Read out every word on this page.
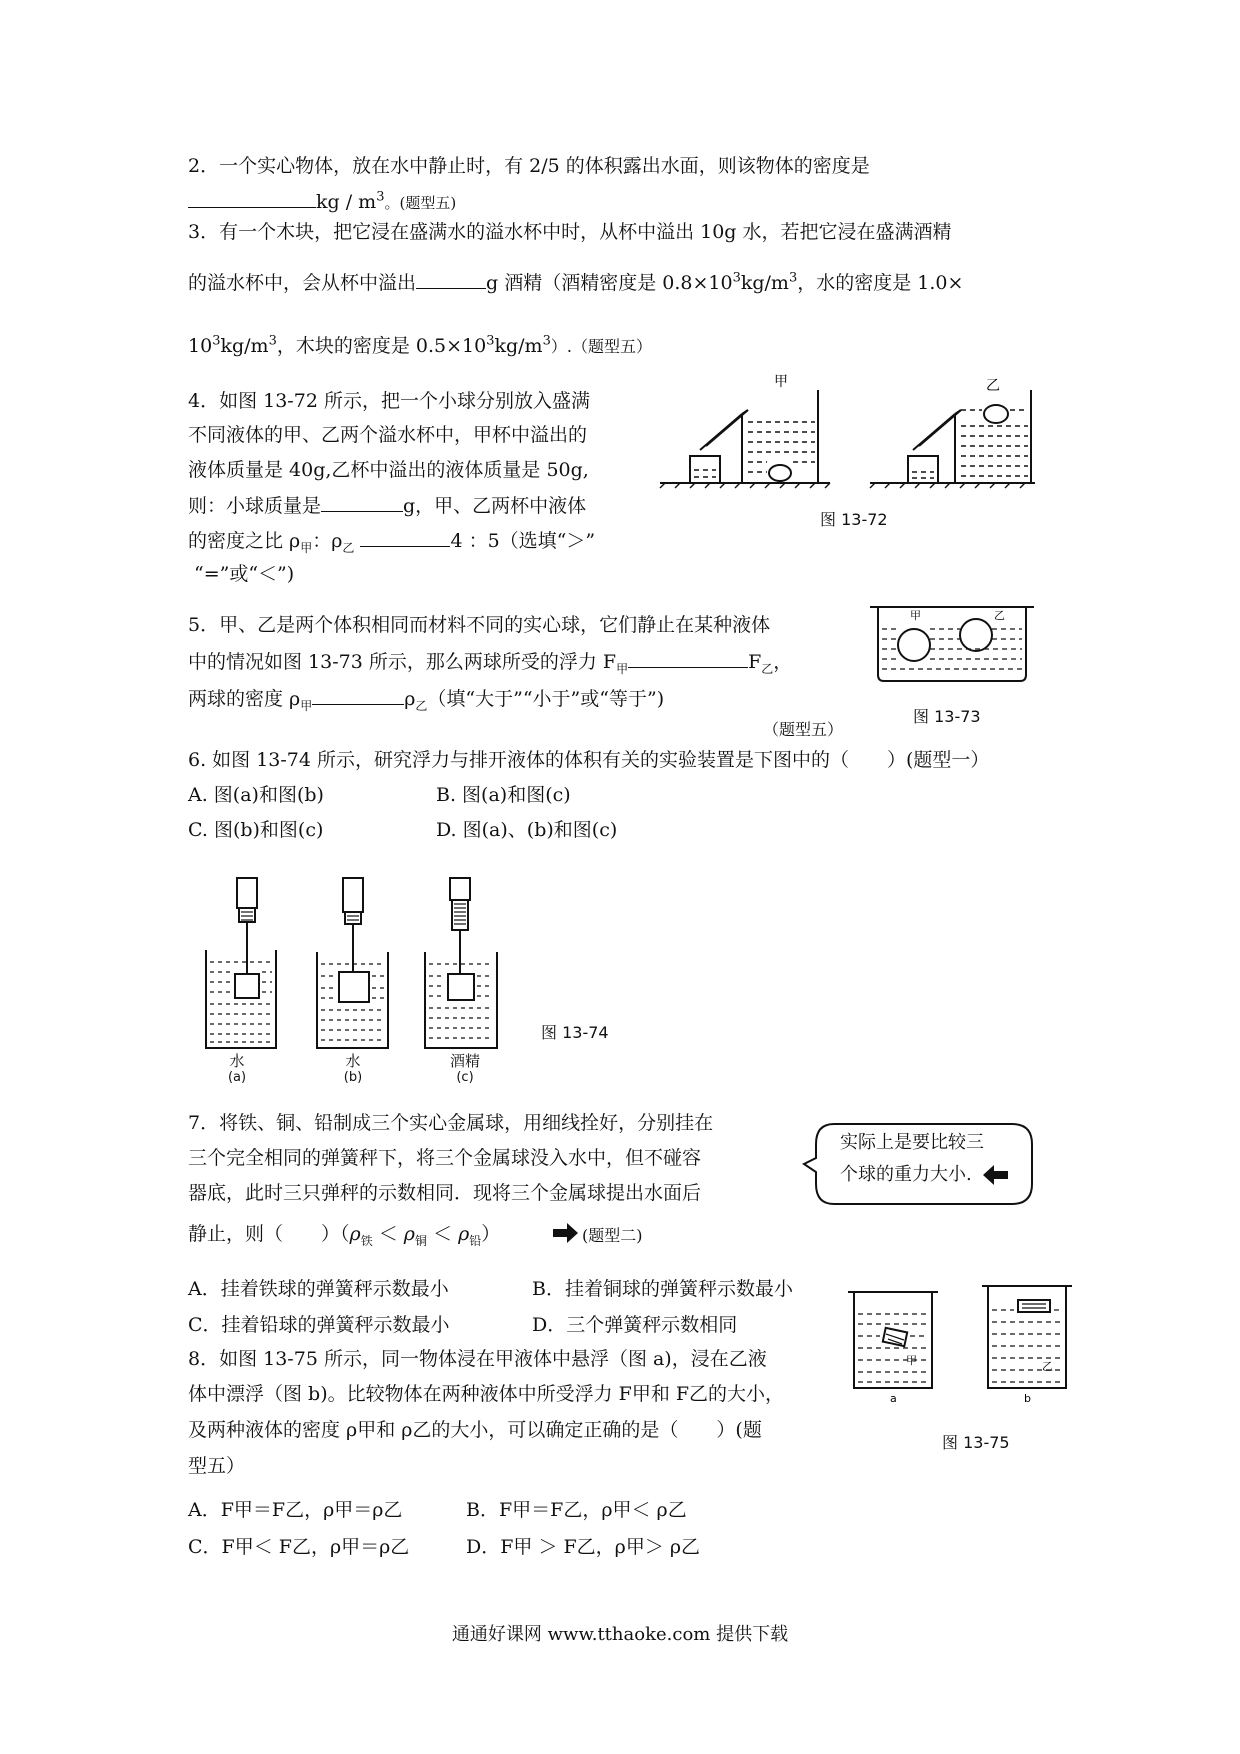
2．一个实心物体，放在水中静止时，有 2/5 的体积露出水面，则该物体的密度是
kg / $m^3$。(题型五)
3．有一个木块，把它浸在盛满水的溢水杯中时，从杯中溢出 10g 水，若把它浸在盛满酒精
的溢水杯中，会从杯中溢出	g 酒精（酒精密度是 $0.8\times 10^3kg/m^3$，水的密度是 1.0×
$10^3kg/m^3$，木块的密度是 $0.5\times 10^3kg/m^3$）.（题型五）
4．如图 13-72 所示，把一个小球分别放入盛满
不同液体的甲、乙两个溢水杯中，甲杯中溢出的
液体质量是 40g,乙杯中溢出的液体质量是 50g,
则：小球质量是	g，甲、乙两杯中液体
的密度之比 $\rho_甲$：$\rho_乙$	4 ：5（选填“＞”
“=”或“＜”)
甲	乙
图 13-72
5．甲、乙是两个体积相同而材料不同的实心球，它们静止在某种液体
中的情况如图 13-73 所示，那么两球所受的浮力 $F_甲$	$F_乙$，
两球的密度 $\rho_甲$	$\rho_乙$（填“大于”“小于”或“等于”)
（题型五）
甲	乙
图 13-73
6. 如图 13-74 所示，研究浮力与排开液体的体积有关的实验装置是下图中的（　　）(题型一）
A. 图(a)和图(b)	B. 图(a)和图(c)
C. 图(b)和图(c)	D. 图(a)、(b)和图(c)
水
(a)
水
(b)
酒精
(c)
图 13-74
7．将铁、铜、铅制成三个实心金属球，用细线拴好，分别挂在
三个完全相同的弹簧秤下，将三个金属球没入水中，但不碰容
器底，此时三只弹秤的示数相同．现将三个金属球提出水面后
静止，则（　　）$(\rho_铁 < \rho_铜 < \rho_铅)$	(题型二)
实际上是要比较三
个球的重力大小.
A．挂着铁球的弹簧秤示数最小	B．挂着铜球的弹簧秤示数最小
C．挂着铅球的弹簧秤示数最小	D．三个弹簧秤示数相同
8．如图 13-75 所示，同一物体浸在甲液体中悬浮（图 a)，浸在乙液
体中漂浮（图 b)。比较物体在两种液体中所受浮力 F甲和 F乙的大小，
及两种液体的密度 ρ甲和 ρ乙的大小，可以确定正确的是（　　）(题
型五）
A．F甲＝F乙，ρ甲＝ρ乙	B．F甲＝F乙，ρ甲＜ ρ乙
C．F甲＜ F乙，ρ甲＝ρ乙	D．F甲 ＞ F乙，ρ甲＞ ρ乙
甲	乙
a	b
图 13-75
通通好课网 www.tthaoke.com 提供下载
